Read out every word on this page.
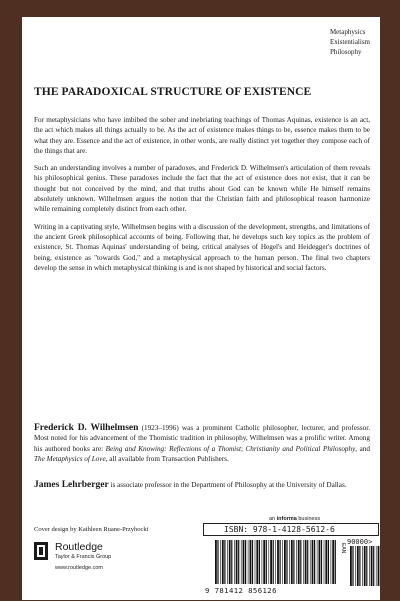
Metaphysics
Existentialism
Philosophy
THE PARADOXICAL STRUCTURE OF EXISTENCE

For metaphysicians who have imbibed the sober and inebriating teachings of Thomas Aquinas, existence is an act, the act which makes all things actually to be. As the act of existence makes things to be, essence makes them to be what they are. Essence and the act of existence, in other words, are really distinct yet together they compose each of the things that are.

Such an understanding involves a number of paradoxes, and Frederick D. Wilhelmsen's articulation of them reveals his philosophical genius. These paradoxes include the fact that the act of existence does not exist, that it can be thought but not conceived by the mind, and that truths about God can be known while He himself remains absolutely unknown. Wilhelmsen argues the notion that the Christian faith and philosophical reason harmonize while remaining completely distinct from each other.

Writing in a captivating style, Wilhelmsen begins with a discussion of the development, strengths, and limitations of the ancient Greek philosophical accounts of being. Following that, he develops such key topics as the problem of existence, St. Thomas Aquinas' understanding of being, critical analyses of Hegel's and Heidegger's doctrines of being, existence as "towards God," and a metaphysical approach to the human person. The final two chapters develop the sense in which metaphysical thinking is and is not shaped by historical and social factors.

Frederick D. Wilhelmsen (1923–1996) was a prominent Catholic philosopher, lecturer, and professor. Most noted for his advancement of the Thomistic tradition in philosophy, Wilhelmsen was a prolific writer. Among his authored books are: Being and Knowing: Reflections of a Thomist; Christianity and Political Philosophy, and The Metaphysics of Love, all available from Transaction Publishers.
James Lehrberger is associate professor in the Department of Philosophy at the University of Dallas.
an informa business
ISBN: 978-1-4128-5612-6
EAN
90000>
9 781412 856126
Cover design by Kathleen Ruane-Przyhocki
Routledge
Taylor & Francis Group
www.routledge.com
